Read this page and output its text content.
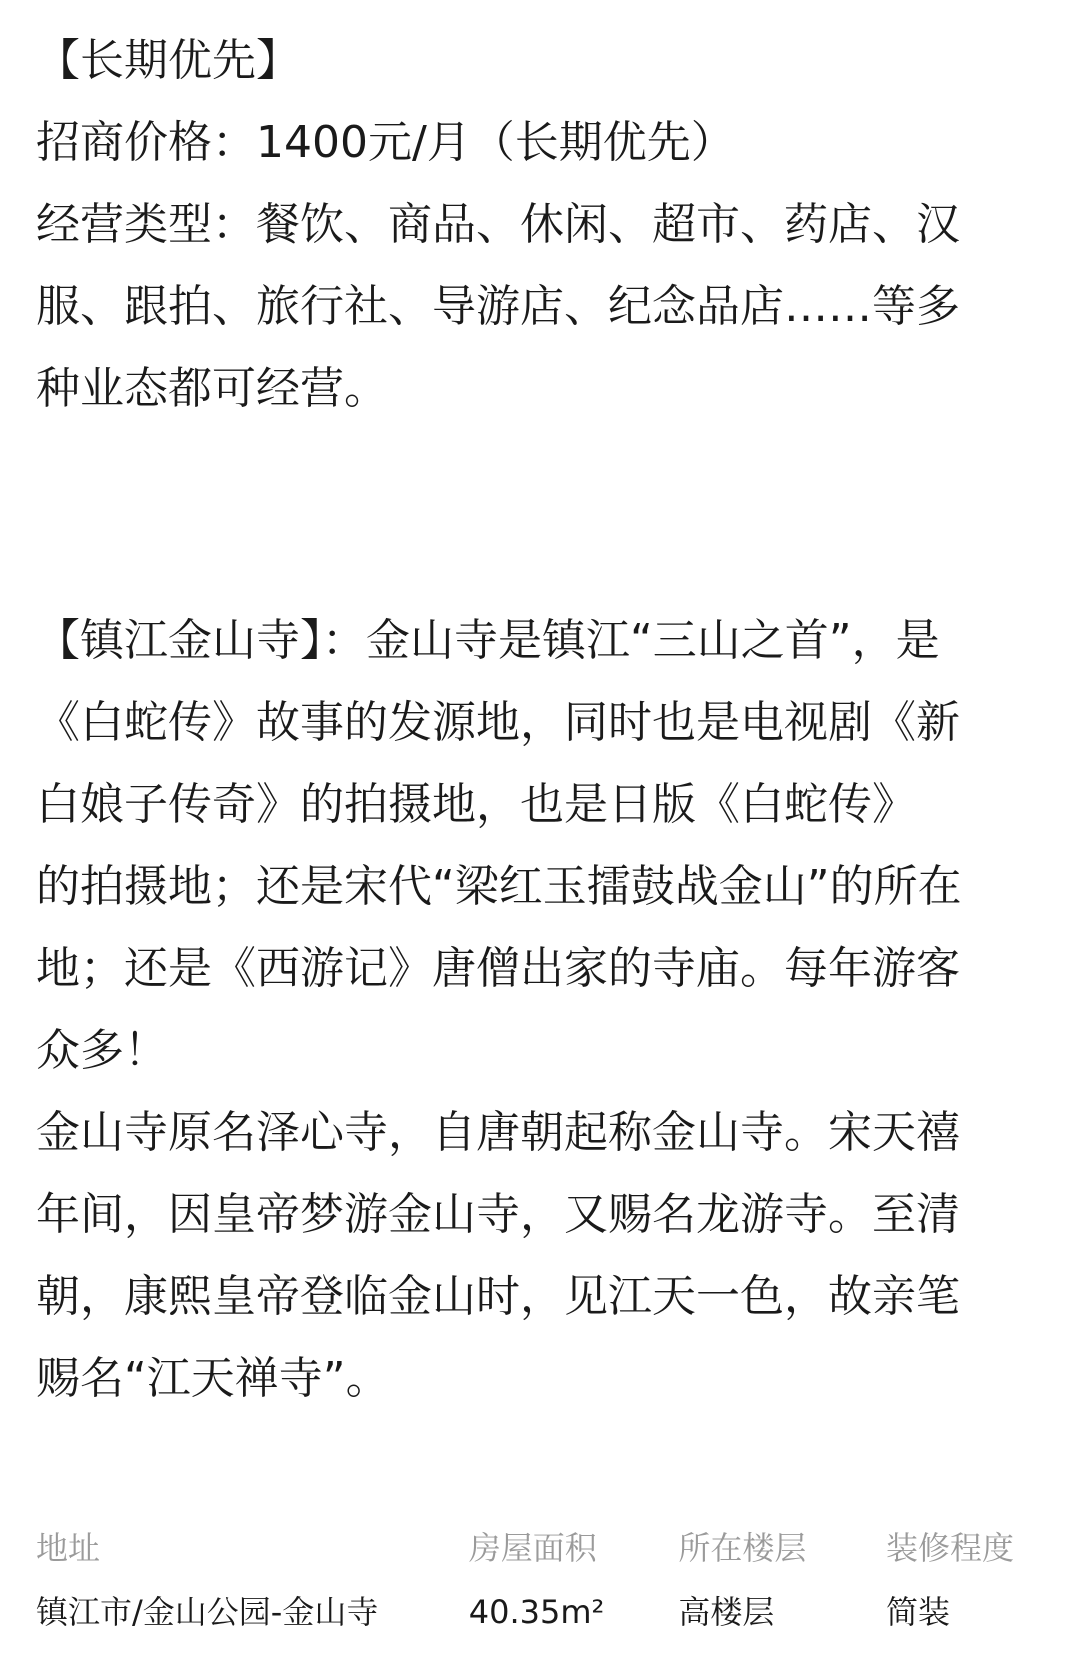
【长期优先】

招商价格：1400元/月（长期优先）

经营类型：餐饮、商品、休闲、超市、药店、汉

服、跟拍、旅行社、导游店、纪念品店……等多

种业态都可经营。

【镇江金山寺】：金山寺是镇江“三山之首”，是

《白蛇传》故事的发源地，同时也是电视剧《新

白娘子传奇》的拍摄地，也是日版《白蛇传》

的拍摄地；还是宋代“梁红玉擂鼓战金山”的所在

地；还是《西游记》唐僧出家的寺庙。每年游客

众多！

金山寺原名泽心寺，自唐朝起称金山寺。宋天禧

年间，因皇帝梦游金山寺，又赐名龙游寺。至清

朝，康熙皇帝登临金山时，见江天一色，故亲笔

赐名“江天禅寺”。

地址	房屋面积	所在楼层	装修程度
镇江市/金山公园-金山寺	40.35m²	高楼层	简装
